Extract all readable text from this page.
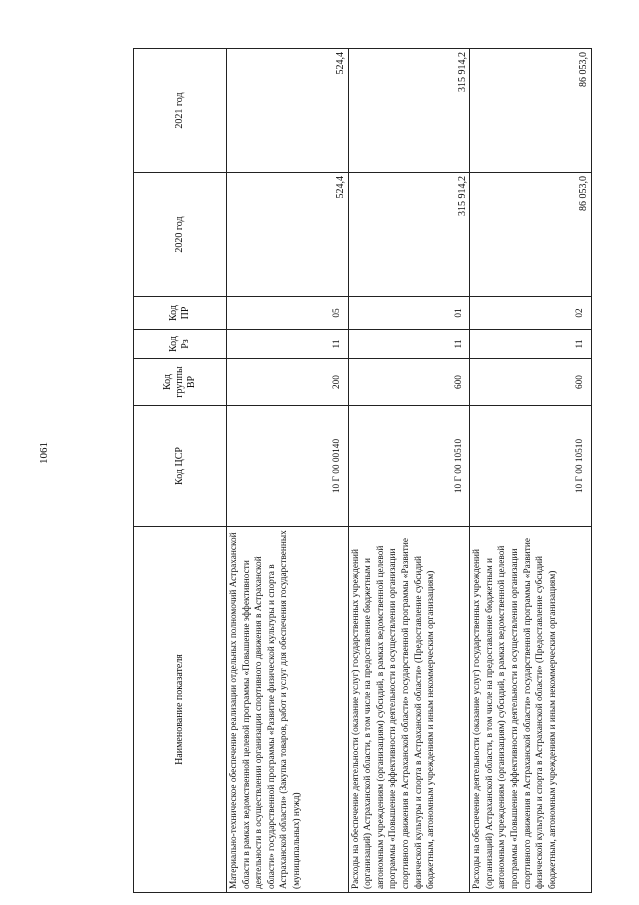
1061
Наименование показателя	Код ЦСР	Код группы ВР	Код Рз	Код ПР	2020 год	2021 год
Материально-техническое обеспечение реализации отдельных полномочий Астраханской области в рамках ведомственной целевой программы «Повышение эффективности деятельности в осуществлении организации спортивного движения в Астраханской области» государственной программы «Развитие физической культуры и спорта в Астраханской области» (Закупка товаров, работ и услуг для обеспечения государственных (муниципальных) нужд)	10 Г 00 00140	200	11	05	524,4	524,4
Расходы на обеспечение деятельности (оказание услуг) государственных учреждений (организаций) Астраханской области, в том числе на предоставление бюджетным и автономным учреждениям (организациям) субсидий, в рамках ведомственной целевой программы «Повышение эффективности деятельности в осуществлении организации спортивного движения в Астраханской области» государственной программы «Развитие физической культуры и спорта в Астраханской области» (Предоставление субсидий бюджетным, автономным учреждениям и иным некоммерческим организациям)	10 Г 00 10510	600	11	01	315 914,2	315 914,2
Расходы на обеспечение деятельности (оказание услуг) государственных учреждений (организаций) Астраханской области, в том числе на предоставление бюджетным и автономным учреждениям (организациям) субсидий, в рамках ведомственной целевой программы «Повышение эффективности деятельности в осуществлении организации спортивного движения в Астраханской области» государственной программы «Развитие физической культуры и спорта в Астраханской области» (Предоставление субсидий бюджетным, автономным учреждениям и иным некоммерческим организациям)	10 Г 00 10510	600	11	02	86 053,0	86 053,0
